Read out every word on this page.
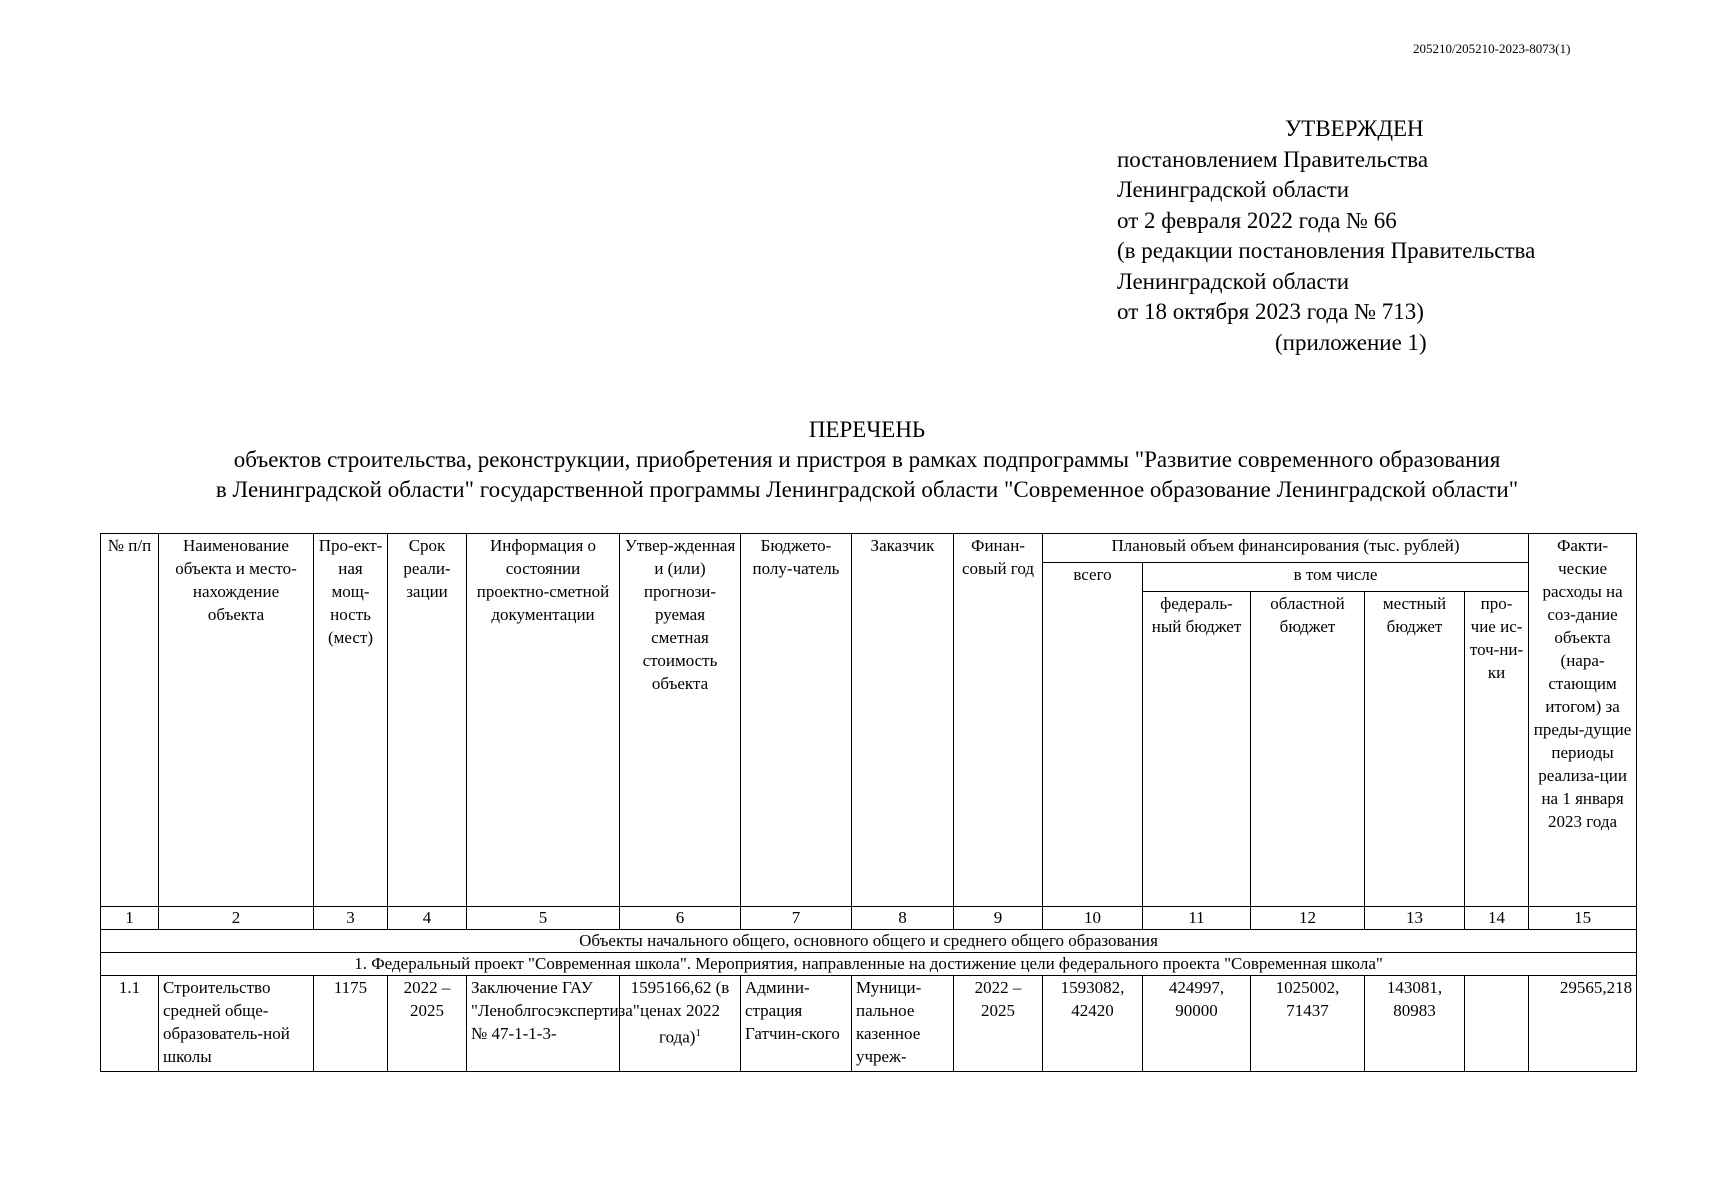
205210/205210-2023-8073(1)
УТВЕРЖДЕН
постановлением Правительства
Ленинградской области
от 2 февраля 2022 года № 66
(в редакции постановления Правительства
Ленинградской области
от 18 октября 2023 года № 713)
(приложение 1)
ПЕРЕЧЕНЬ
объектов строительства, реконструкции, приобретения и пристроя в рамках подпрограммы "Развитие современного образования
в Ленинградской области" государственной программы Ленинградской области "Современное образование Ленинградской области"
№ п/п	Наименование объекта и место-нахождение объекта	Про-ект-ная мощ-ность (мест)	Срок реали-зации	Информация о состоянии проектно-сметной документации	Утвер-жденная и (или) прогнози-руемая сметная стоимость объекта	Бюджето-полу-чатель	Заказчик	Финан-совый год	Плановый объем финансирования (тыс. рублей)					Факти-ческие расходы на соз-дание объекта (нара-стающим итогом) за преды-дущие периоды реализа-ции на 1 января 2023 года
									всего	в том числе				
										федераль-ный бюджет	областной бюджет	местный бюджет	про-чие ис-точ-ни-ки	
1	2	3	4	5	6	7	8	9	10	11	12	13	14	15
Объекты начального общего, основного общего и среднего общего образования														
1. Федеральный проект "Современная школа". Мероприятия, направленные на достижение цели федерального проекта "Современная школа"														
1.1	Строительство средней обще-образователь-ной школы	1175	2022 – 2025	Заключение ГАУ "Леноблгосэкспертиза" № 47-1-1-3-	1595166,62 (в ценах 2022 года)$^1$	Админи-страция Гатчин-ского	Муници-пальное казенное учреж-	2022 – 2025	1593082, 42420	424997, 90000	1025002, 71437	143081, 80983		29565,218
